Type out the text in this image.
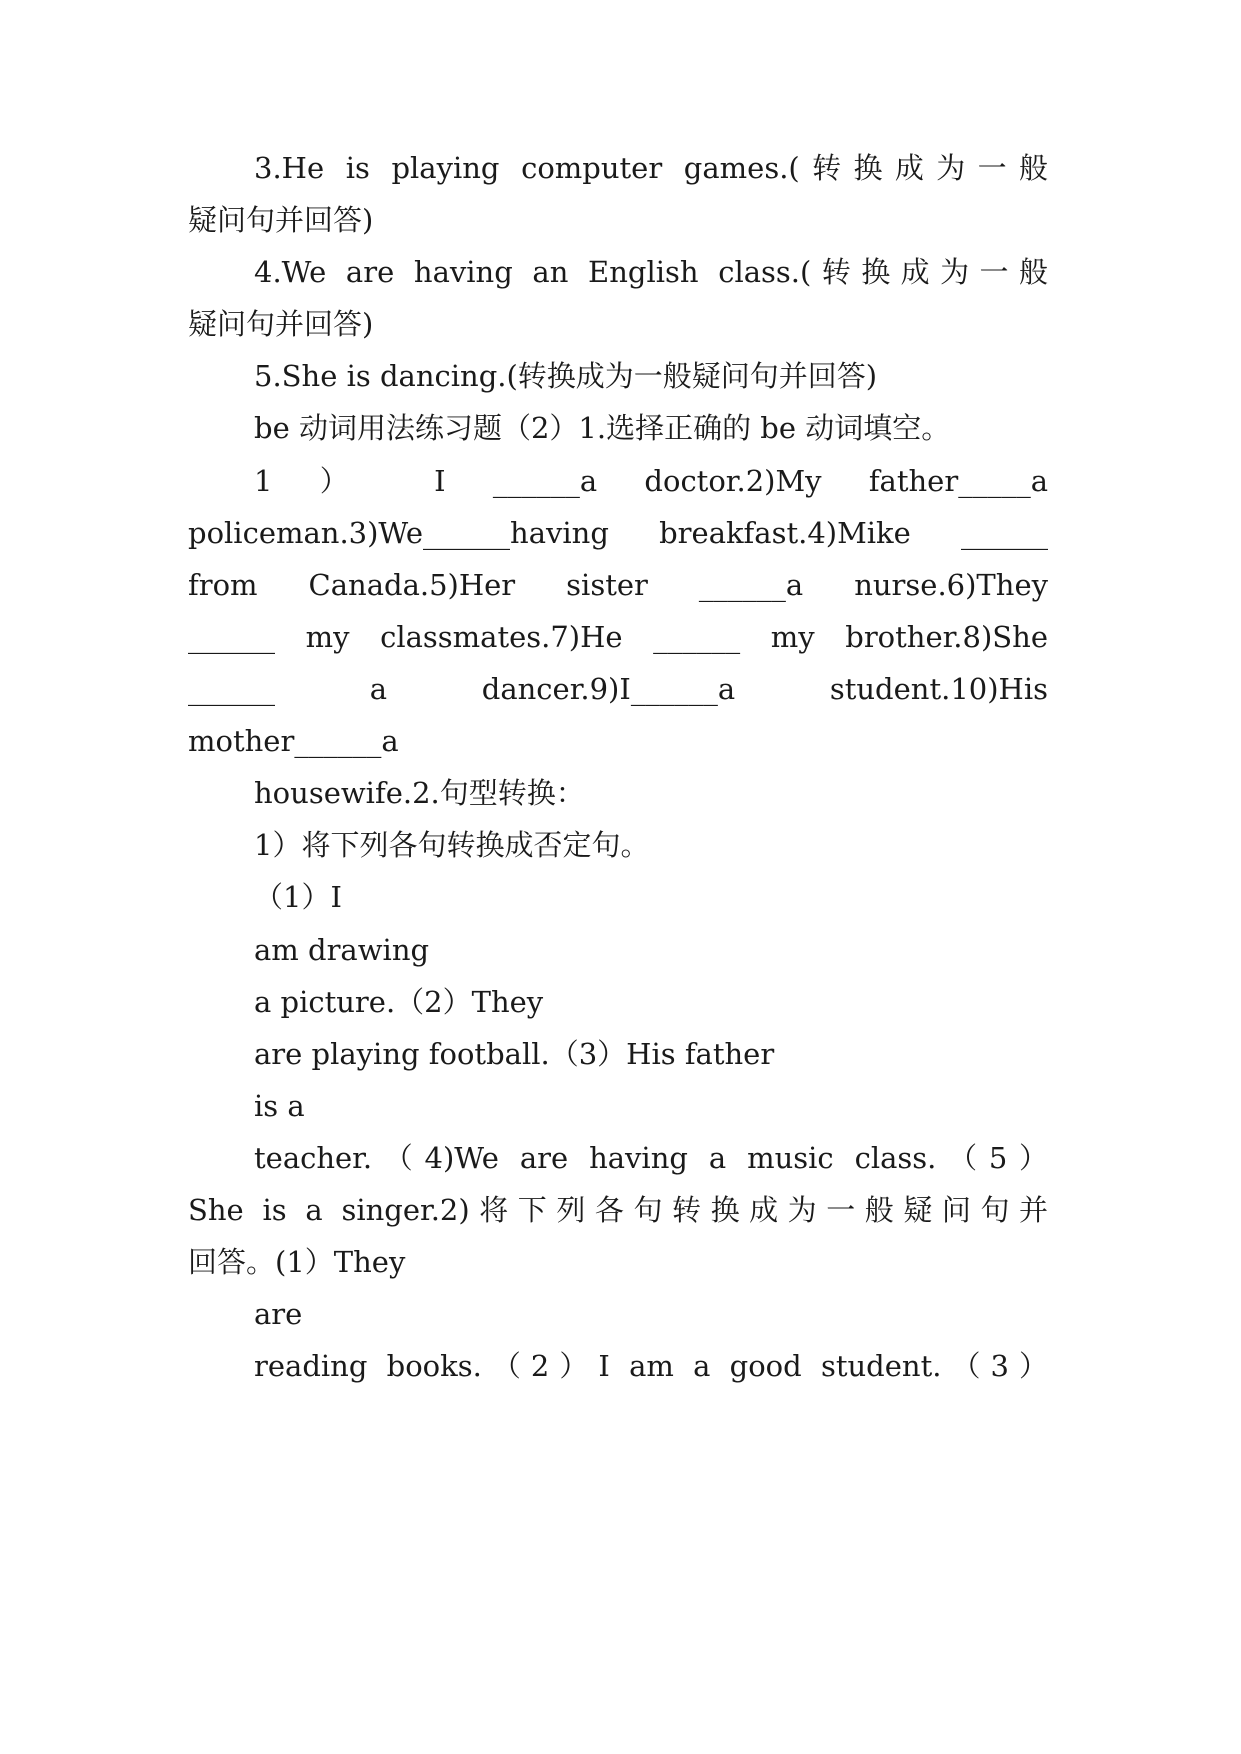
3.He is playing computer games.(转换成为一般
疑问句并回答)
4.We are having an English class.(转换成为一般
疑问句并回答)
5.She is dancing.(转换成为一般疑问句并回答)
be 动词用法练习题（2）1.选择正确的 be 动词填空。
1 ） I ______a doctor.2)My father_____a
policeman.3)We______having breakfast.4)Mike ______
from Canada.5)Her sister ______a nurse.6)They
______ my classmates.7)He ______ my brother.8)She
______ a dancer.9)I______a student.10)His
mother______a
housewife.2.句型转换：
1）将下列各句转换成否定句。
（1）I
am drawing
a picture.（2）They
are playing football.（3）His father
is a
teacher.（4)We are having a music class.（5）
She is a singer.2)将下列各句转换成为一般疑问句并
回答。(1）They
are
reading books.（2）I am a good student.（3）
